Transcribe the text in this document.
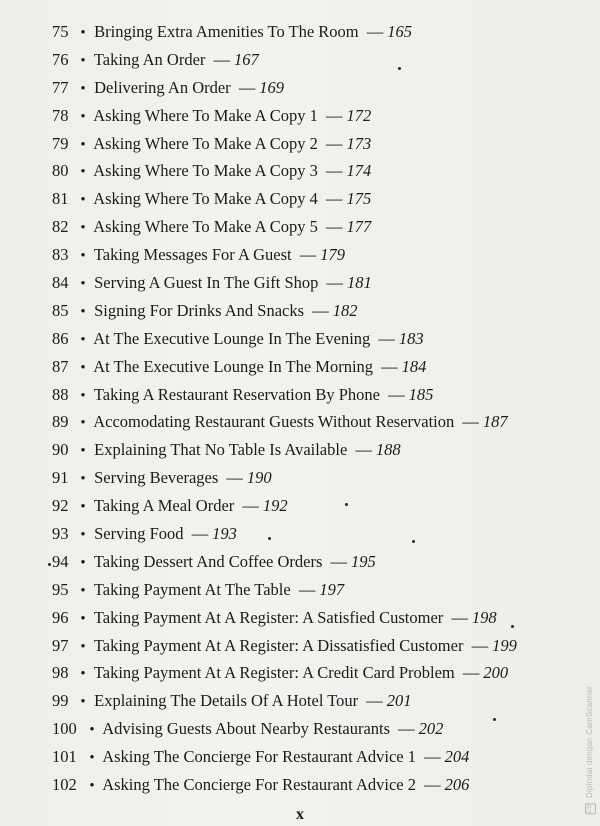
75 • Bringing Extra Amenities To The Room — 165
76 • Taking An Order — 167
77 • Delivering An Order — 169
78 • Asking Where To Make A Copy 1 — 172
79 • Asking Where To Make A Copy 2 — 173
80 • Asking Where To Make A Copy 3 — 174
81 • Asking Where To Make A Copy 4 — 175
82 • Asking Where To Make A Copy 5 — 177
83 • Taking Messages For A Guest — 179
84 • Serving A Guest In The Gift Shop — 181
85 • Signing For Drinks And Snacks — 182
86 • At The Executive Lounge In The Evening — 183
87 • At The Executive Lounge In The Morning — 184
88 • Taking A Restaurant Reservation By Phone — 185
89 • Accomodating Restaurant Guests Without Reservation — 187
90 • Explaining That No Table Is Available — 188
91 • Serving Beverages — 190
92 • Taking A Meal Order — 192
93 • Serving Food — 193
94 • Taking Dessert And Coffee Orders — 195
95 • Taking Payment At The Table — 197
96 • Taking Payment At A Register: A Satisfied Customer — 198
97 • Taking Payment At A Register: A Dissatisfied Customer — 199
98 • Taking Payment At A Register: A Credit Card Problem — 200
99 • Explaining The Details Of A Hotel Tour — 201
100 • Advising Guests About Nearby Restaurants — 202
101 • Asking The Concierge For Restaurant Advice 1 — 204
102 • Asking The Concierge For Restaurant Advice 2 — 206
x	CS Dipindai dengan CamScanner
